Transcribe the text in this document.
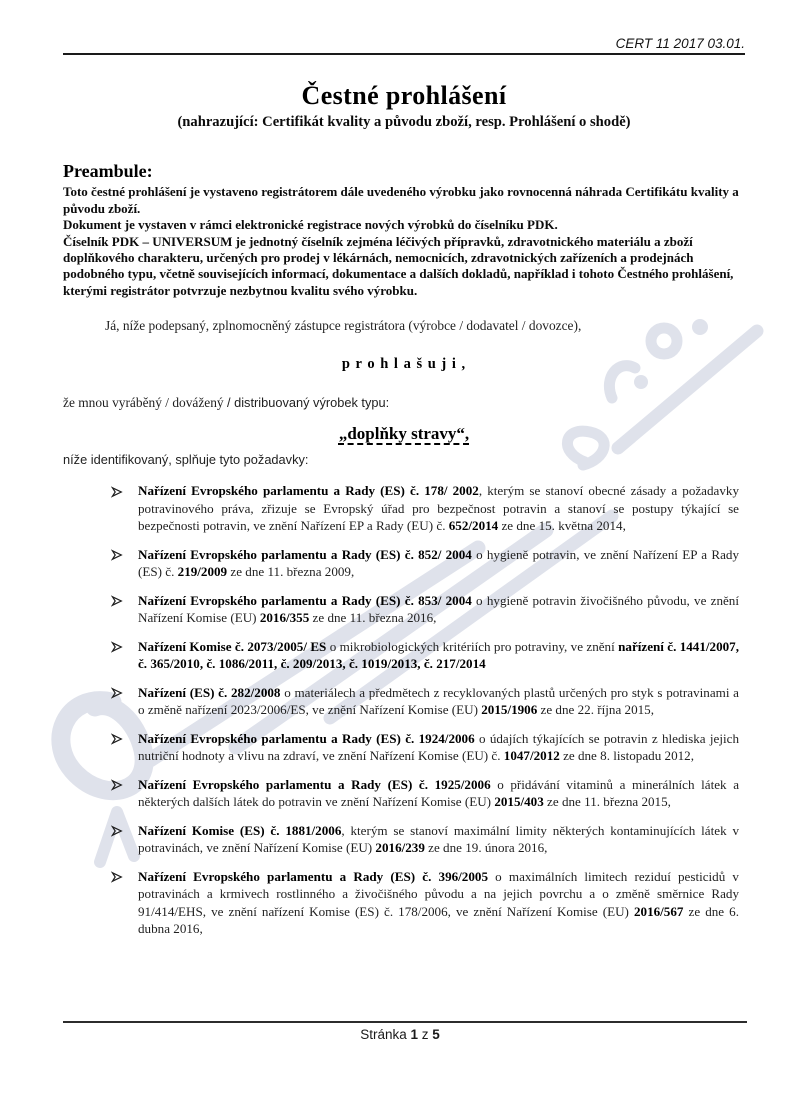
CERT 11 2017 03.01.
Čestné prohlášení
(nahrazující: Certifikát kvality a původu zboží, resp. Prohlášení o shodě)
Preambule:

Toto čestné prohlášení je vystaveno registrátorem dále uvedeného výrobku jako rovnocenná náhrada Certifikátu kvality a původu zboží.

Dokument je vystaven v rámci elektronické registrace nových výrobků do číselníku PDK.

Číselník PDK – UNIVERSUM je jednotný číselník zejména léčivých přípravků, zdravotnického materiálu a zboží doplňkového charakteru, určených pro prodej v lékárnách, nemocnicích, zdravotnických zařízeních a prodejnách podobného typu, včetně souvisejících informací, dokumentace a dalších dokladů, například i tohoto Čestného prohlášení, kterými registrátor potvrzuje nezbytnou kvalitu svého výrobku.

Já, níže podepsaný, zplnomocněný zástupce registrátora (výrobce / dodavatel / dovozce),

p r o h l a š u j i ,

že mnou vyráběný / dovážený / distribuovaný výrobek typu:

„doplňky stravy“,

níže identifikovaný, splňuje tyto požadavky:

Nařízení Evropského parlamentu a Rady (ES) č. 178/ 2002, kterým se stanoví obecné zásady a požadavky potravinového práva, zřizuje se Evropský úřad pro bezpečnost potravin a stanoví se postupy týkající se bezpečnosti potravin, ve znění Nařízení EP a Rady (EU) č. 652/2014 ze dne 15. května 2014,
Nařízení Evropského parlamentu a Rady (ES) č. 852/ 2004 o hygieně potravin, ve znění Nařízení EP a Rady (ES) č. 219/2009 ze dne 11. března 2009,
Nařízení Evropského parlamentu a Rady (ES) č. 853/ 2004 o hygieně potravin živočišného původu, ve znění Nařízení Komise (EU) 2016/355 ze dne 11. března 2016,
Nařízení Komise č. 2073/2005/ ES o mikrobiologických kritériích pro potraviny, ve znění nařízení č. 1441/2007, č. 365/2010, č. 1086/2011, č. 209/2013, č. 1019/2013, č. 217/2014
Nařízení (ES) č. 282/2008 o materiálech a předmětech z recyklovaných plastů určených pro styk s potravinami a o změně nařízení 2023/2006/ES, ve znění Nařízení Komise (EU) 2015/1906 ze dne 22. října 2015,
Nařízení Evropského parlamentu a Rady (ES) č. 1924/2006 o údajích týkajících se potravin z hlediska jejich nutriční hodnoty a vlivu na zdraví, ve znění Nařízení Komise (EU) č. 1047/2012 ze dne 8. listopadu 2012,
Nařízení Evropského parlamentu a Rady (ES) č. 1925/2006 o přidávání vitaminů a minerálních látek a některých dalších látek do potravin ve znění Nařízení Komise (EU) 2015/403 ze dne 11. března 2015,
Nařízení Komise (ES) č. 1881/2006, kterým se stanoví maximální limity některých kontaminujících látek v potravinách, ve znění Nařízení Komise (EU) 2016/239 ze dne 19. února 2016,
Nařízení Evropského parlamentu a Rady (ES) č. 396/2005 o maximálních limitech reziduí pesticidů v potravinách a krmivech rostlinného a živočišného původu a na jejich povrchu a o změně směrnice Rady 91/414/EHS, ve znění nařízení Komise (ES) č. 178/2006, ve znění Nařízení Komise (EU) 2016/567 ze dne 6. dubna 2016,
Stránka 1 z 5
